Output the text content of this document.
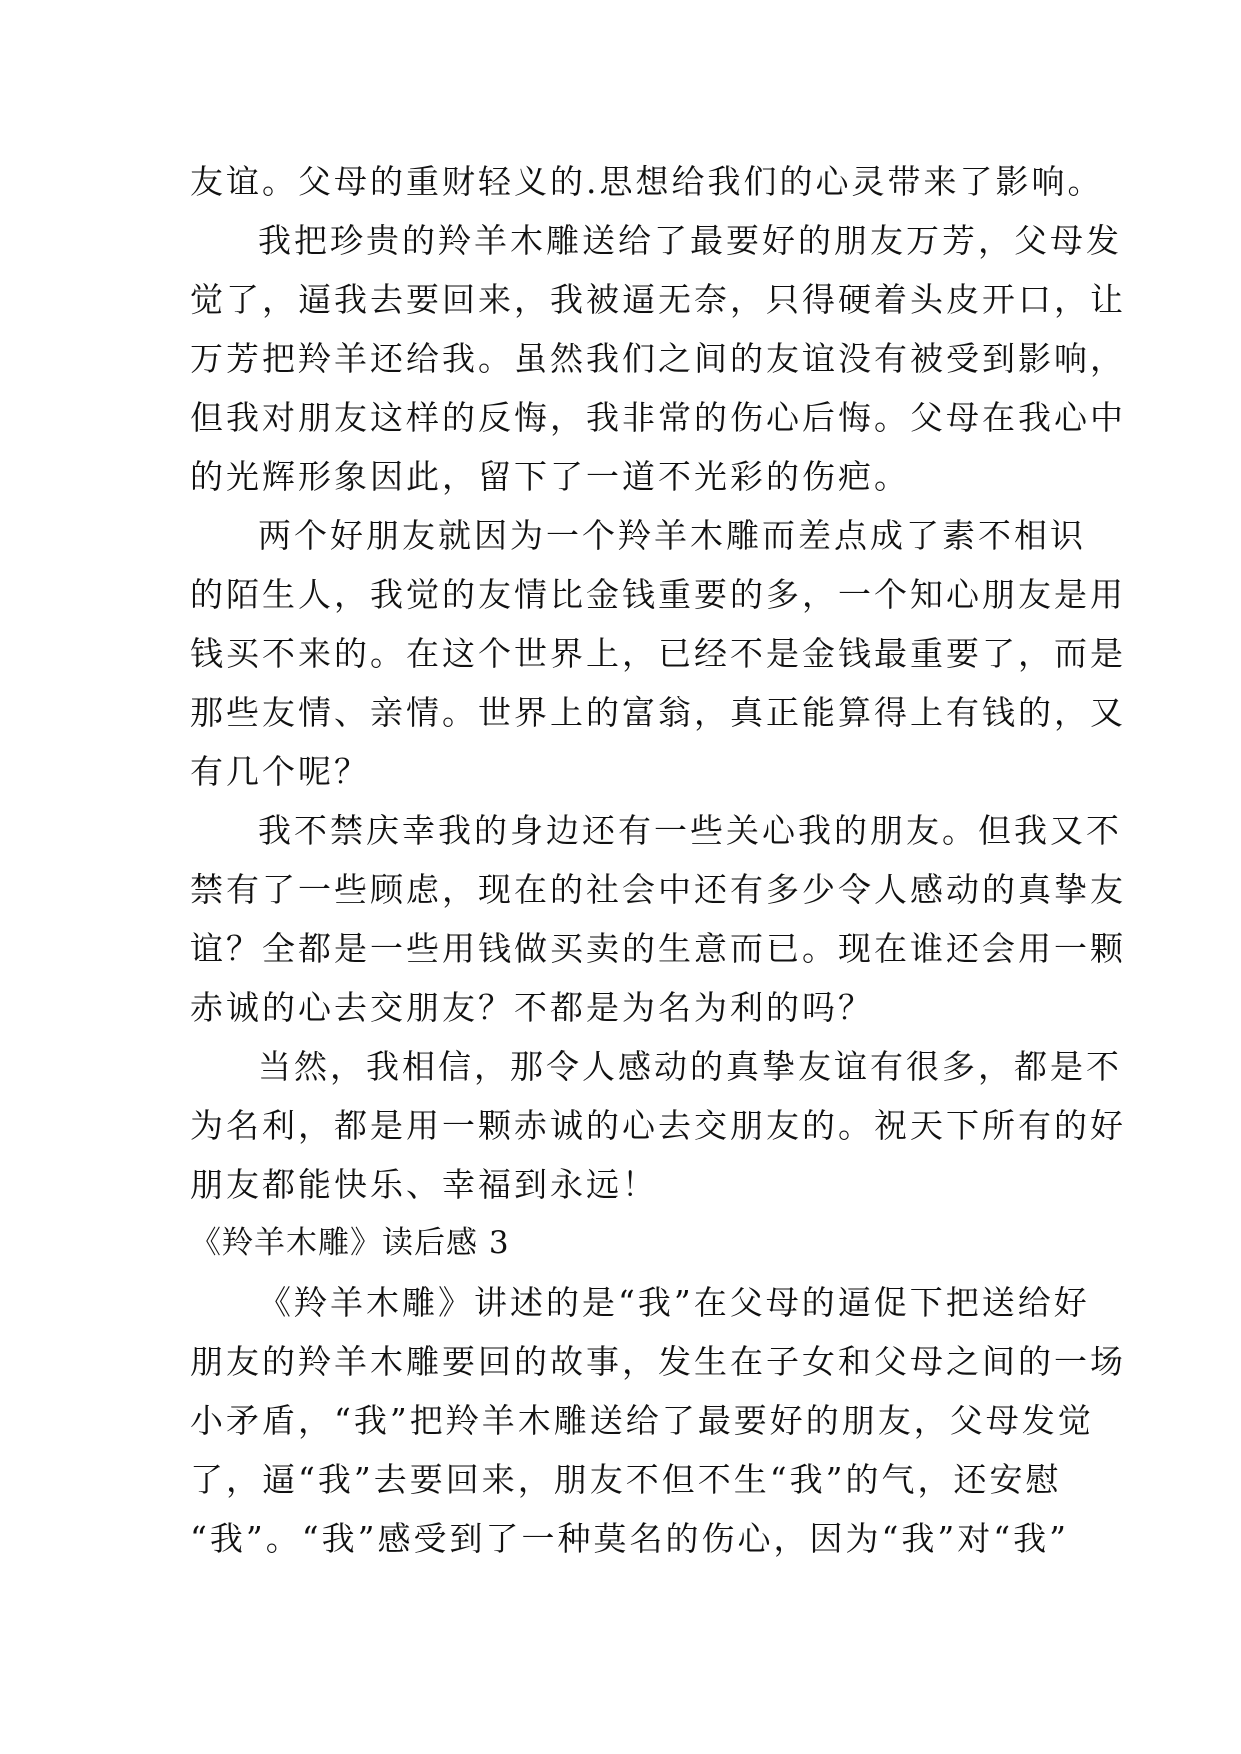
友谊。父母的重财轻义的.思想给我们的心灵带来了影响。
我把珍贵的羚羊木雕送给了最要好的朋友万芳，父母发
觉了，逼我去要回来，我被逼无奈，只得硬着头皮开口，让
万芳把羚羊还给我。虽然我们之间的友谊没有被受到影响，
但我对朋友这样的反悔，我非常的伤心后悔。父母在我心中
的光辉形象因此，留下了一道不光彩的伤疤。
两个好朋友就因为一个羚羊木雕而差点成了素不相识
的陌生人，我觉的友情比金钱重要的多，一个知心朋友是用
钱买不来的。在这个世界上，已经不是金钱最重要了，而是
那些友情、亲情。世界上的富翁，真正能算得上有钱的，又
有几个呢？
我不禁庆幸我的身边还有一些关心我的朋友。但我又不
禁有了一些顾虑，现在的社会中还有多少令人感动的真挚友
谊？全都是一些用钱做买卖的生意而已。现在谁还会用一颗
赤诚的心去交朋友？不都是为名为利的吗？
当然，我相信，那令人感动的真挚友谊有很多，都是不
为名利，都是用一颗赤诚的心去交朋友的。祝天下所有的好
朋友都能快乐、幸福到永远！
《羚羊木雕》读后感 3
《羚羊木雕》讲述的是“我”在父母的逼促下把送给好
朋友的羚羊木雕要回的故事，发生在子女和父母之间的一场
小矛盾，“我”把羚羊木雕送给了最要好的朋友，父母发觉
了，逼“我”去要回来，朋友不但不生“我”的气，还安慰
“我”。“我”感受到了一种莫名的伤心，因为“我”对“我”
